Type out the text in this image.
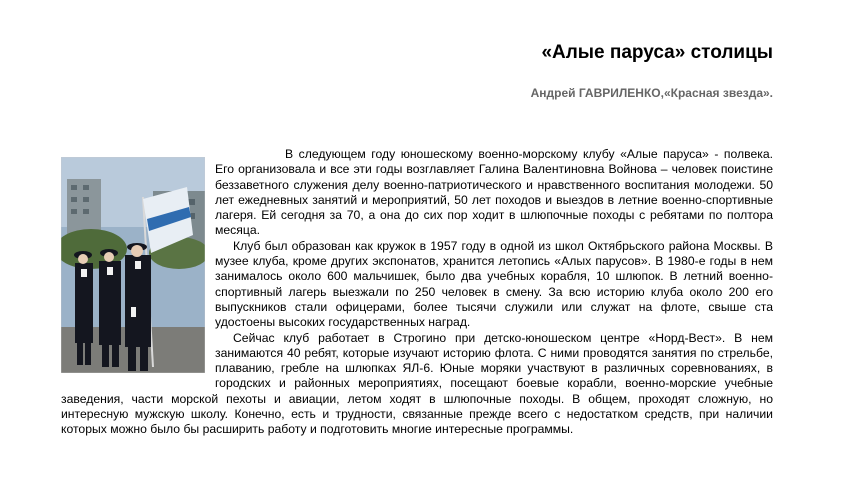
«Алые паруса» столицы
Андрей ГАВРИЛЕНКО,«Красная звезда».

В следующем году юношескому военно-морскому клубу «Алые паруса» - полвека. Его организовала и все эти годы возглавляет Галина Валентиновна Войнова – человек поистине беззаветного служения делу военно-патриотического и нравственного воспитания молодежи. 50 лет ежедневных занятий и мероприятий, 50 лет походов и выездов в летние военно-спортивные лагеря. Ей сегодня за 70, а она до сих пор ходит в шлюпочные походы с ребятами по полтора месяца.

Клуб был образован как кружок в 1957 году в одной из школ Октябрьского района Москвы. В музее клуба, кроме других экспонатов, хранится летопись «Алых парусов». В 1980-е годы в нем занималось около 600 мальчишек, было два учебных корабля, 10 шлюпок. В летний военно-спортивный лагерь выезжали по 250 человек в смену. За всю историю клуба около 200 его выпускников стали офицерами, более тысячи служили или служат на флоте, свыше ста удостоены высоких государственных наград.

Сейчас клуб работает в Строгино при детско-юношеском центре «Норд-Вест». В нем занимаются 40 ребят, которые изучают историю флота. С ними проводятся занятия по стрельбе, плаванию, гребле на шлюпках ЯЛ-6. Юные моряки участвуют в различных соревнованиях, в городских и районных мероприятиях, посещают боевые корабли, военно-морские учебные заведения, части морской пехоты и авиации, летом ходят в шлюпочные походы. В общем, проходят сложную, но интересную мужскую школу. Конечно, есть и трудности, связанные прежде всего с недостатком средств, при наличии которых можно было бы расширить работу и подготовить многие интересные программы.
